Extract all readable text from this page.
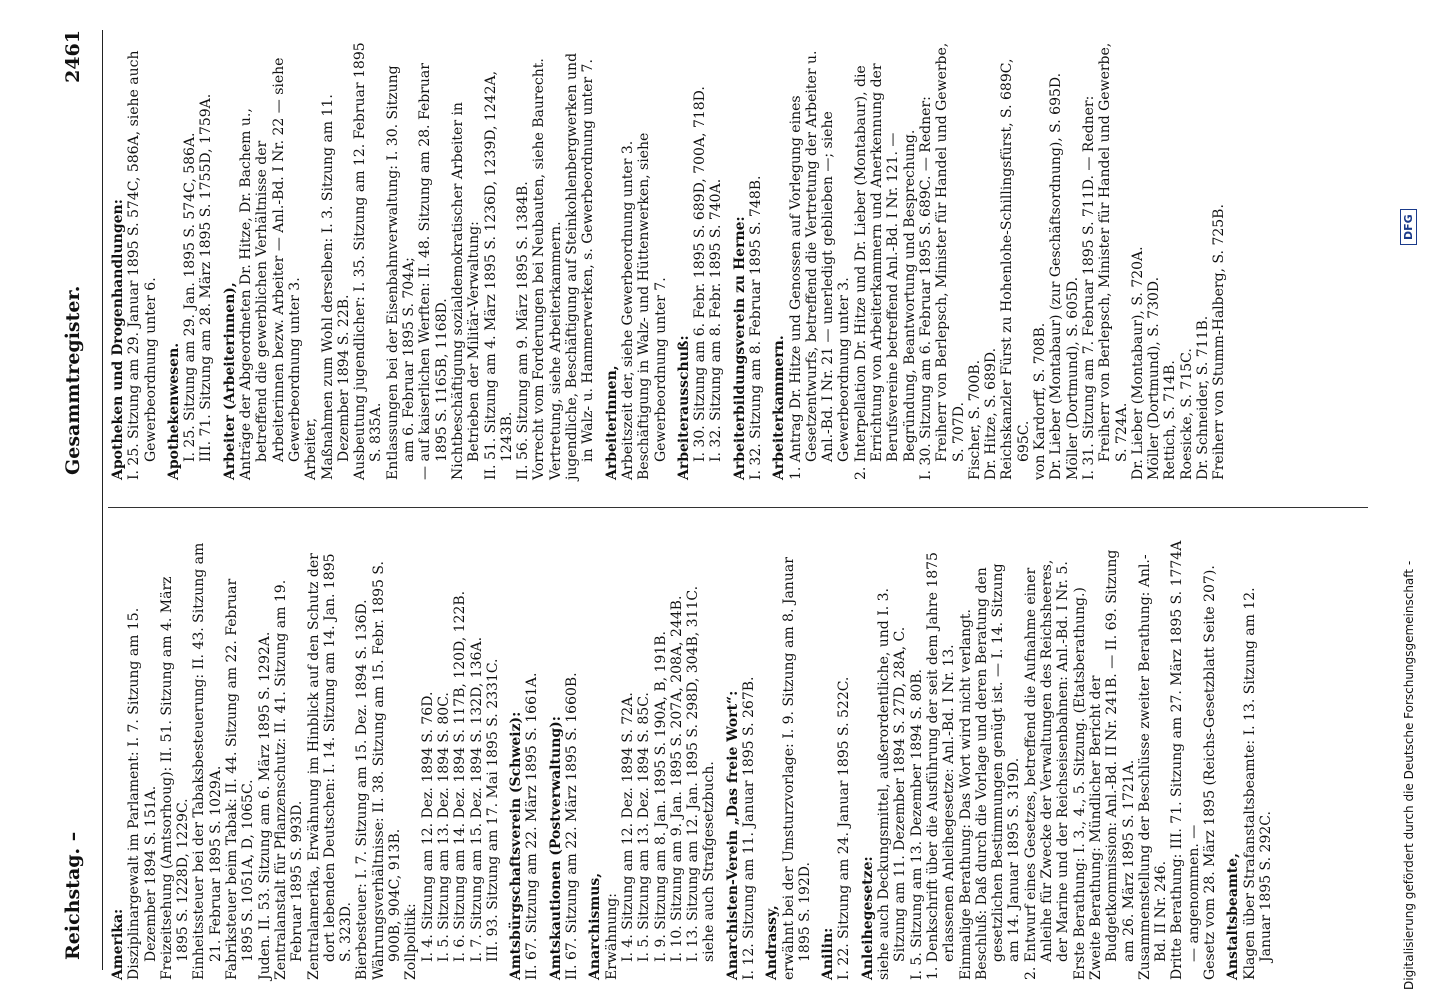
Reichstag. –
Gesammtregister.
2461

Amerika: Disziplinargewalt im Parlament: I. 7. Sitzung am 15. Dezember 1894 S. 151A. Freizeitsehung (Amtsorhoug): II. 51. Sitzung am 4. März 1895 S. 1228D, 1229C. Einheitssteuer bei der Tabaksbesteuerung: II. 43. Sitzung am 21. Februar 1895 S. 1029A. Fabriksteuer beim Tabak: II. 44. Sitzung am 22. Februar 1895 S. 1051A, D, 1065C. Juden. II. 53. Sitzung am 6. März 1895 S. 1292A. Zentralanstalt für Pflanzenschutz: II. 41. Sitzung am 19. Februar 1895 S. 993D. Zentralamerika, Erwähnung im Hinblick auf den Schutz der dort lebenden Deutschen: I. 14. Sitzung am 14. Jan. 1895 S. 323D. Bierbesteuer: I. 7. Sitzung am 15. Dez. 1894 S. 136D. Währungsverhältnisse: II. 38. Sitzung am 15. Febr. 1895 S. 900B, 904C, 913B. Zollpolitik: I. 4. Sitzung am 12. Dez. 1894 S. 76D. I. 5. Sitzung am 13. Dez. 1894 S. 80C. I. 6. Sitzung am 14. Dez. 1894 S. 117B, 120D, 122B. I. 7. Sitzung am 15. Dez. 1894 S. 132D, 136A. III. 93. Sitzung am 17. Mai 1895 S. 2331C. Amtsbürgschaftsverein (Schweiz): II. 67. Sitzung am 22. März 1895 S. 1661A. Amtskautionen (Postverwaltung): II. 67. Sitzung am 22. März 1895 S. 1660B. Anarchismus, Erwähnung: I. 4. Sitzung am 12. Dez. 1894 S. 72A. I. 5. Sitzung am 13. Dez. 1894 S. 85C. I. 9. Sitzung am 8. Jan. 1895 S. 190A, B, 191B. I. 10. Sitzung am 9. Jan. 1895 S. 207A, 208A, 244B. I. 13. Sitzung am 12. Jan. 1895 S. 298D, 304B, 311C. siehe auch Strafgesetzbuch. Anarchisten-Verein „Das freie Wort“: I. 12. Sitzung am 11. Januar 1895 S. 267B. Andrassy, erwähnt bei der Umsturzvorlage: I. 9. Sitzung am 8. Januar 1895 S. 192D. Anilin: I. 22. Sitzung am 24. Januar 1895 S. 522C. Anleihegesetze: siehe auch Deckungsmittel, außerordentliche, und I. 3. Sitzung am 11. Dezember 1894 S. 27D, 28A, C. I. 5. Sitzung am 13. Dezember 1894 S. 80B. 1. Denkschrift über die Ausführung der seit dem Jahre 1875 erlassenen Anleihegesetze: Anl.-Bd. I Nr. 13. Einmalige Berathung: Das Wort wird nicht verlangt. Beschluß: Daß durch die Vorlage und deren Beratung den gesetzlichen Bestimmungen genügt ist. — I. 14. Sitzung am 14. Januar 1895 S. 319D. 2. Entwurf eines Gesetzes, betreffend die Aufnahme einer Anleihe für Zwecke der Verwaltungen des Reichsheeres, der Marine und der Reichseisenbahnen: Anl.-Bd. I Nr. 5. Erste Berathung: I. 3., 4., 5. Sitzung. (Etatsberathung.) Zweite Berathung: Mündlicher Bericht der Budgetkommission: Anl.-Bd. II Nr. 241B. — II. 69. Sitzung am 26. März 1895 S. 1721A. Zusammenstellung der Beschlüsse zweiter Berathung: Anl.-Bd. II Nr. 246. Dritte Berathung: III. 71. Sitzung am 27. März 1895 S. 1774A — angenommen. — Gesetz vom 28. März 1895 (Reichs-Gesetzblatt Seite 207). Anstaltsbeamte, Klagen über Strafanstaltsbeamte: I. 13. Sitzung am 12. Januar 1895 S. 292C.

Apotheken und Drogenhandlungen: I. 25. Sitzung am 29. Januar 1895 S. 574C, 586A, siehe auch Gewerbeordnung unter 6. Apothekenwesen. I. 25. Sitzung am 29. Jan. 1895 S. 574C, 586A. III. 71. Sitzung am 28. März 1895 S. 1755D, 1759A. Arbeiter (Arbeiterinnen), Anträge der Abgeordneten Dr. Hitze, Dr. Bachem u., betreffend die gewerblichen Verhältnisse der Arbeiterinnen bezw. Arbeiter — Anl.-Bd. I Nr. 22 — siehe Gewerbeordnung unter 3. Arbeiter, Maßnahmen zum Wohl derselben: I. 3. Sitzung am 11. Dezember 1894 S. 22B. Ausbeutung jugendlicher: I. 35. Sitzung am 12. Februar 1895 S. 835A. Entlassungen bei der Eisenbahnverwaltung: I. 30. Sitzung am 6. Februar 1895 S. 704A; — auf kaiserlichen Werften: II. 48. Sitzung am 28. Februar 1895 S. 1165B, 1168D. Nichtbeschäftigung sozialdemokratischer Arbeiter in Betrieben der Militär-Verwaltung: II. 51. Sitzung am 4. März 1895 S. 1236D, 1239D, 1242A, 1243B. II. 56. Sitzung am 9. März 1895 S. 1384B. Vorrecht vom Forderungen bei Neubauten, siehe Baurecht. Vertretung, siehe Arbeiterkammern. jugendliche, Beschäftigung auf Steinkohlenbergwerken und in Walz- u. Hammerwerken, s. Gewerbeordnung unter 7. Arbeiterinnen, Arbeitszeit der, siehe Gewerbeordnung unter 3. Beschäftigung in Walz- und Hüttenwerken, siehe Gewerbeordnung unter 7. Arbeiterausschuß: I. 30. Sitzung am 6. Febr. 1895 S. 689D, 700A, 718D. I. 32. Sitzung am 8. Febr. 1895 S. 740A. Arbeiterbildungsverein zu Herne: I. 32. Sitzung am 8. Februar 1895 S. 748B. Arbeiterkammern. 1. Antrag Dr. Hitze und Genossen auf Vorlegung eines Gesetzentwurfs, betreffend die Vertretung der Arbeiter u. Anl.-Bd. I Nr. 21 — unerledigt geblieben —; siehe Gewerbeordnung unter 3. 2. Interpellation Dr. Hitze und Dr. Lieber (Montabaur), die Errichtung von Arbeiterkammern und Anerkennung der Berufsvereine betreffend Anl.-Bd. I Nr. 121. — Begründung, Beantwortung und Besprechung. I. 30. Sitzung am 6. Februar 1895 S. 689C. — Redner: Freiherr von Berlepsch, Minister für Handel und Gewerbe, S. 707D. Fischer, S. 700B. Dr. Hitze, S. 689D. Reichskanzler Fürst zu Hohenlohe-Schillingsfürst, S. 689C, 695C. von Kardorff, S. 708B. Dr. Lieber (Montabaur) (zur Geschäftsordnung), S. 695D. Möller (Dortmund), S. 605D. I. 31. Sitzung am 7. Februar 1895 S. 711D. — Redner: Freiherr von Berlepsch, Minister für Handel und Gewerbe, S. 724A. Dr. Lieber (Montabaur), S. 720A. Möller (Dortmund), S. 730D. Rettich, S. 714B. Roesicke, S. 715C. Dr. Schneider, S. 711B. Freiherr von Stumm-Halberg, S. 725B.

Digitalisierung gefördert durch die Deutsche Forschungsgemeinschaft -
DFG
